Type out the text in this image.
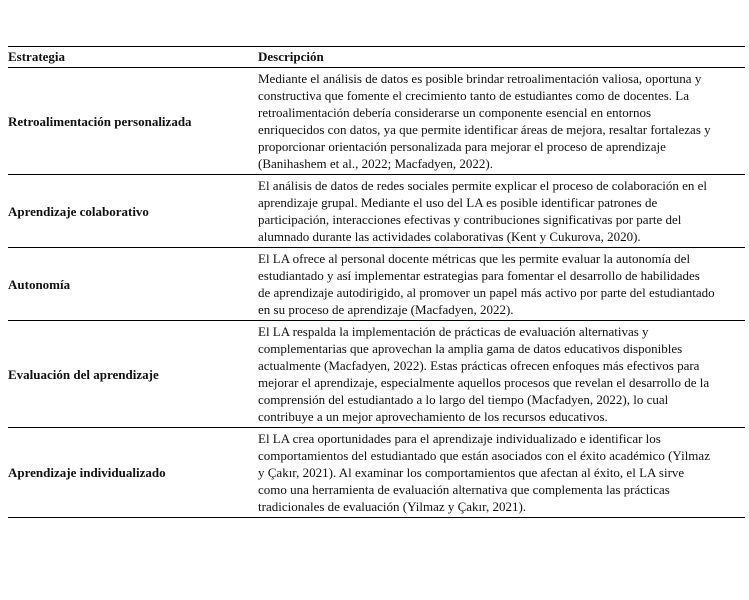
Estrategia	Descripción
Retroalimentación personalizada	Mediante el análisis de datos es posible brindar retroalimentación valiosa, oportuna y constructiva que fomente el crecimiento tanto de estudiantes como de docentes. La retroalimentación debería considerarse un componente esencial en entornos enriquecidos con datos, ya que permite identificar áreas de mejora, resaltar fortalezas y proporcionar orientación personalizada para mejorar el proceso de aprendizaje (Banihashem et al., 2022; Macfadyen, 2022).
Aprendizaje colaborativo	El análisis de datos de redes sociales permite explicar el proceso de colaboración en el aprendizaje grupal. Mediante el uso del LA es posible identificar patrones de participación, interacciones efectivas y contribuciones significativas por parte del alumnado durante las actividades colaborativas (Kent y Cukurova, 2020).
Autonomía	El LA ofrece al personal docente métricas que les permite evaluar la autonomía del estudiantado y así implementar estrategias para fomentar el desarrollo de habilidades de aprendizaje autodirigido, al promover un papel más activo por parte del estudiantado en su proceso de aprendizaje (Macfadyen, 2022).
Evaluación del aprendizaje	El LA respalda la implementación de prácticas de evaluación alternativas y complementarias que aprovechan la amplia gama de datos educativos disponibles actualmente (Macfadyen, 2022). Estas prácticas ofrecen enfoques más efectivos para mejorar el aprendizaje, especialmente aquellos procesos que revelan el desarrollo de la comprensión del estudiantado a lo largo del tiempo (Macfadyen, 2022), lo cual contribuye a un mejor aprovechamiento de los recursos educativos.
Aprendizaje individualizado	El LA crea oportunidades para el aprendizaje individualizado e identificar los comportamientos del estudiantado que están asociados con el éxito académico (Yilmaz y Çakır, 2021). Al examinar los comportamientos que afectan al éxito, el LA sirve como una herramienta de evaluación alternativa que complementa las prácticas tradicionales de evaluación (Yilmaz y Çakır, 2021).
